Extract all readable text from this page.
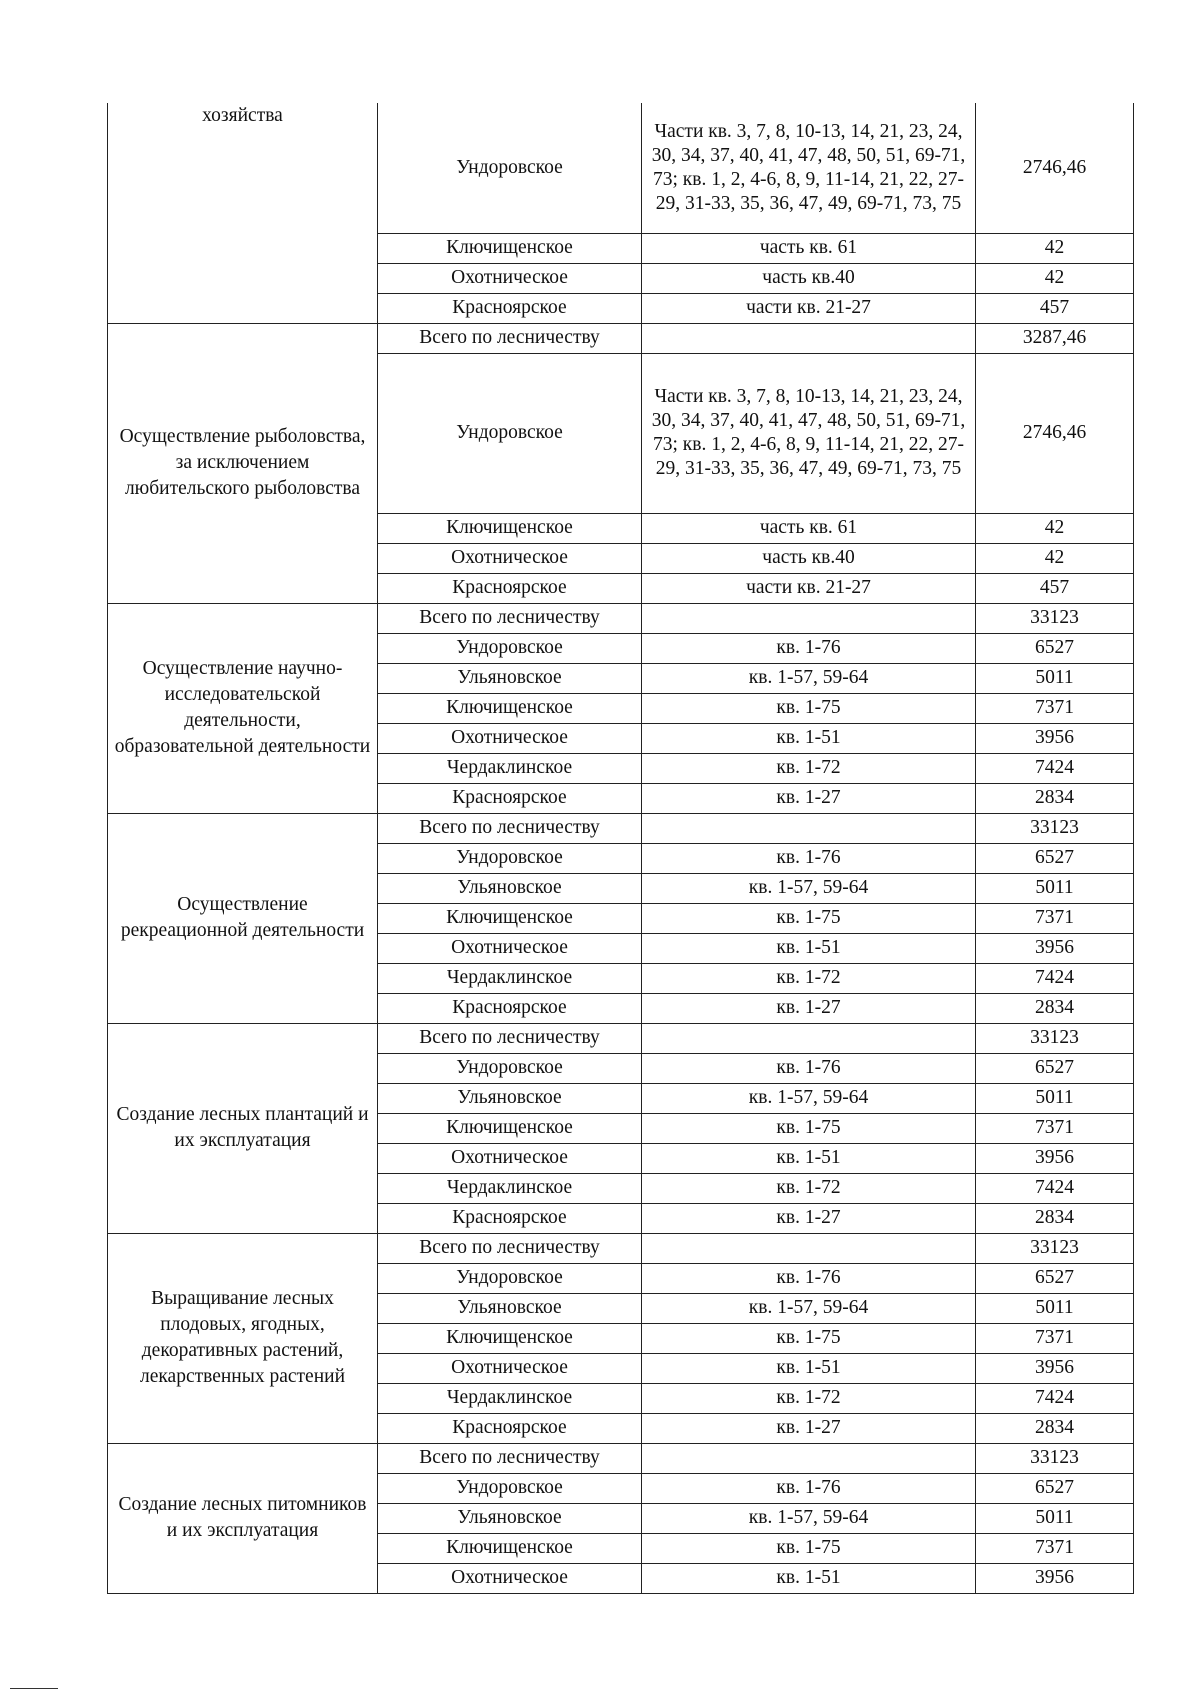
хозяйства	Ундоровское	Части кв. 3, 7, 8, 10-13, 14, 21, 23, 24, 30, 34, 37, 40, 41, 47, 48, 50, 51, 69-71, 73; кв. 1, 2, 4-6, 8, 9, 11-14, 21, 22, 27-29, 31-33, 35, 36, 47, 49, 69-71, 73, 75	2746,46
	Ключищенское	часть кв. 61	42
	Охотническое	часть кв.40	42
	Красноярское	части кв. 21-27	457
Осуществление рыболовства, за исключением любительского рыболовства	Всего по лесничеству		3287,46
	Ундоровское	Части кв. 3, 7, 8, 10-13, 14, 21, 23, 24, 30, 34, 37, 40, 41, 47, 48, 50, 51, 69-71, 73; кв. 1, 2, 4-6, 8, 9, 11-14, 21, 22, 27-29, 31-33, 35, 36, 47, 49, 69-71, 73, 75	2746,46
	Ключищенское	часть кв. 61	42
	Охотническое	часть кв.40	42
	Красноярское	части кв. 21-27	457
Осуществление научно-исследовательской деятельности, образовательной деятельности	Всего по лесничеству		33123
	Ундоровское	кв. 1-76	6527
	Ульяновское	кв. 1-57, 59-64	5011
	Ключищенское	кв. 1-75	7371
	Охотническое	кв. 1-51	3956
	Чердаклинское	кв. 1-72	7424
	Красноярское	кв. 1-27	2834
Осуществление рекреационной деятельности	Всего по лесничеству		33123
	Ундоровское	кв. 1-76	6527
	Ульяновское	кв. 1-57, 59-64	5011
	Ключищенское	кв. 1-75	7371
	Охотническое	кв. 1-51	3956
	Чердаклинское	кв. 1-72	7424
	Красноярское	кв. 1-27	2834
Создание лесных плантаций и их эксплуатация	Всего по лесничеству		33123
	Ундоровское	кв. 1-76	6527
	Ульяновское	кв. 1-57, 59-64	5011
	Ключищенское	кв. 1-75	7371
	Охотническое	кв. 1-51	3956
	Чердаклинское	кв. 1-72	7424
	Красноярское	кв. 1-27	2834
Выращивание лесных плодовых, ягодных, декоративных растений, лекарственных растений	Всего по лесничеству		33123
	Ундоровское	кв. 1-76	6527
	Ульяновское	кв. 1-57, 59-64	5011
	Ключищенское	кв. 1-75	7371
	Охотническое	кв. 1-51	3956
	Чердаклинское	кв. 1-72	7424
	Красноярское	кв. 1-27	2834
Создание лесных питомников и их эксплуатация	Всего по лесничеству		33123
	Ундоровское	кв. 1-76	6527
	Ульяновское	кв. 1-57, 59-64	5011
	Ключищенское	кв. 1-75	7371
	Охотническое	кв. 1-51	3956
